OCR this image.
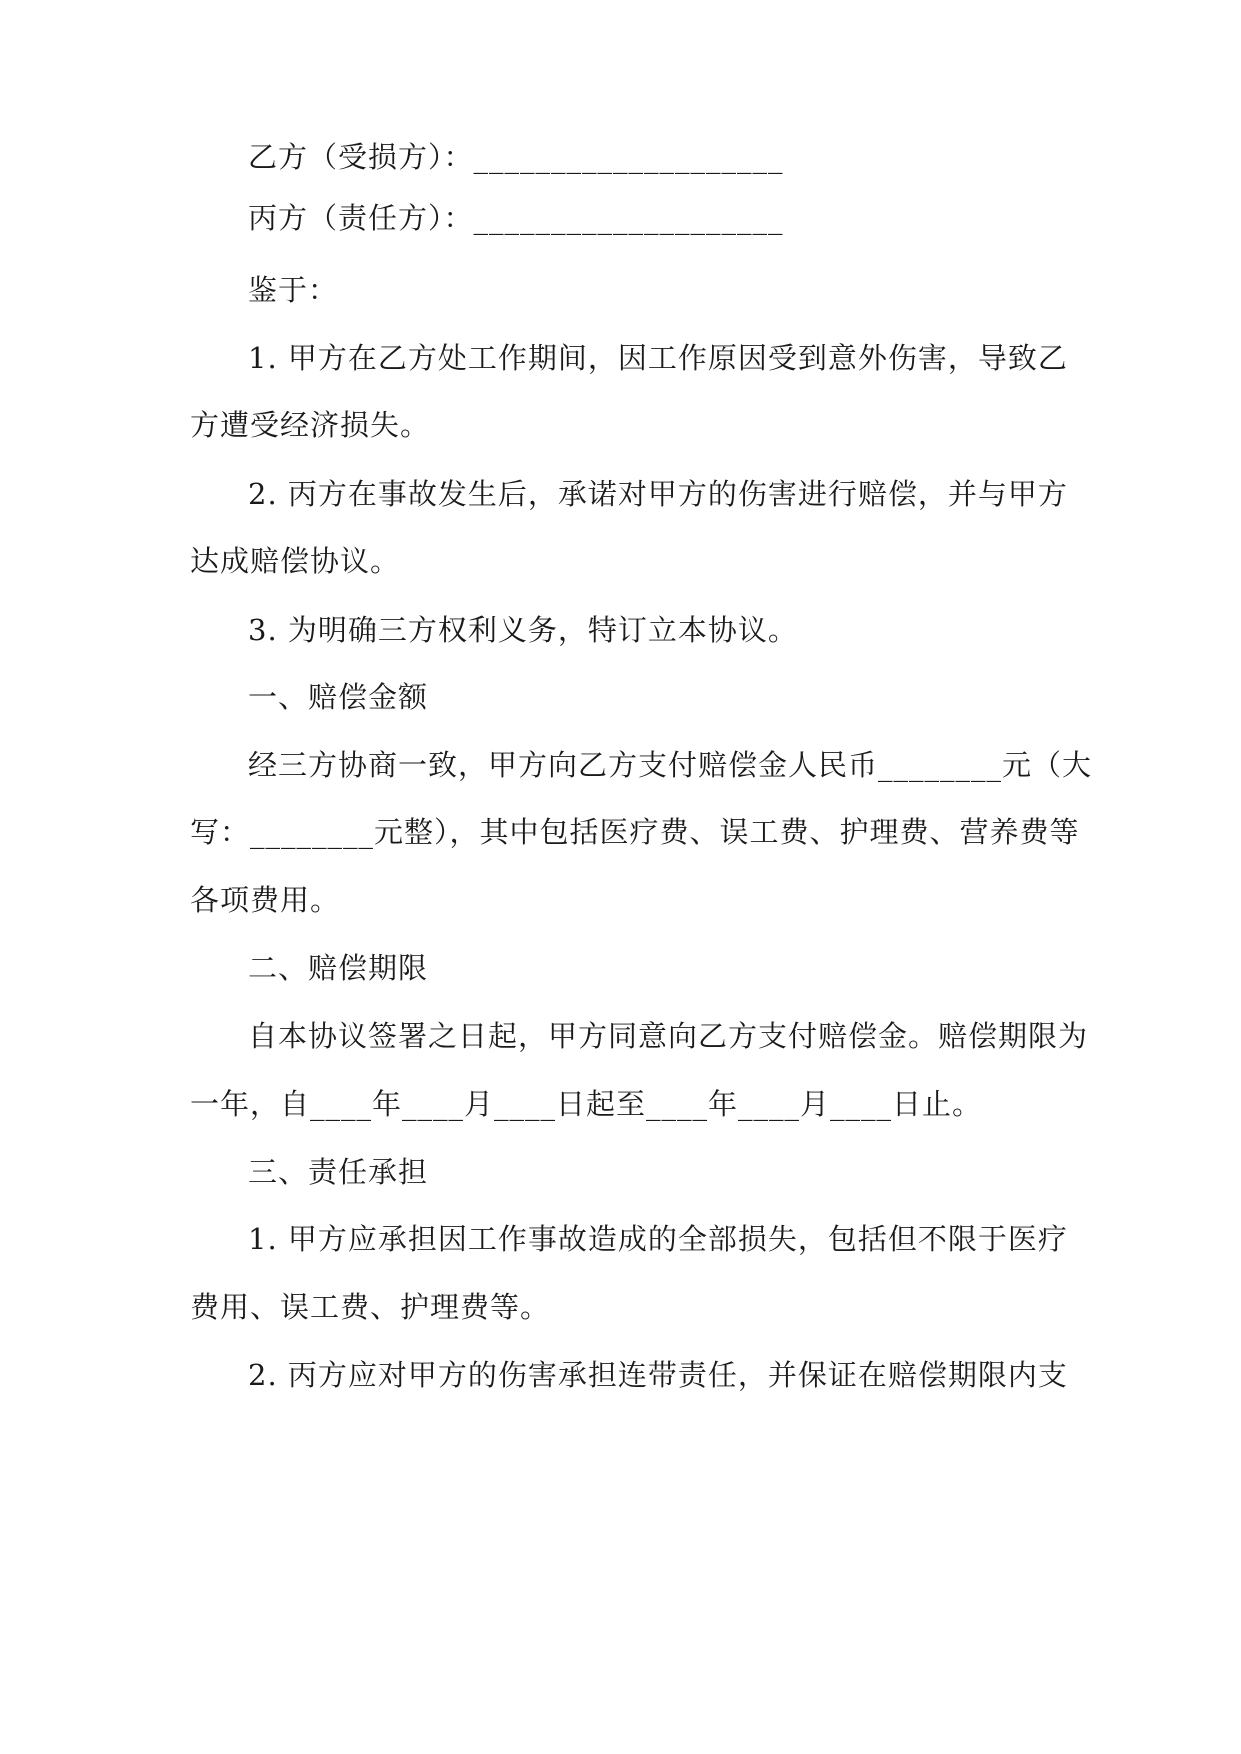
乙方（受损方）：____________________
丙方（责任方）：____________________
鉴于：
1. 甲方在乙方处工作期间，因工作原因受到意外伤害，导致乙
方遭受经济损失。
2. 丙方在事故发生后，承诺对甲方的伤害进行赔偿，并与甲方
达成赔偿协议。
3. 为明确三方权利义务，特订立本协议。
一、赔偿金额
经三方协商一致，甲方向乙方支付赔偿金人民币________元（大
写：________元整），其中包括医疗费、误工费、护理费、营养费等
各项费用。
二、赔偿期限
自本协议签署之日起，甲方同意向乙方支付赔偿金。赔偿期限为
一年，自____年____月____日起至____年____月____日止。
三、责任承担
1. 甲方应承担因工作事故造成的全部损失，包括但不限于医疗
费用、误工费、护理费等。
2. 丙方应对甲方的伤害承担连带责任，并保证在赔偿期限内支
